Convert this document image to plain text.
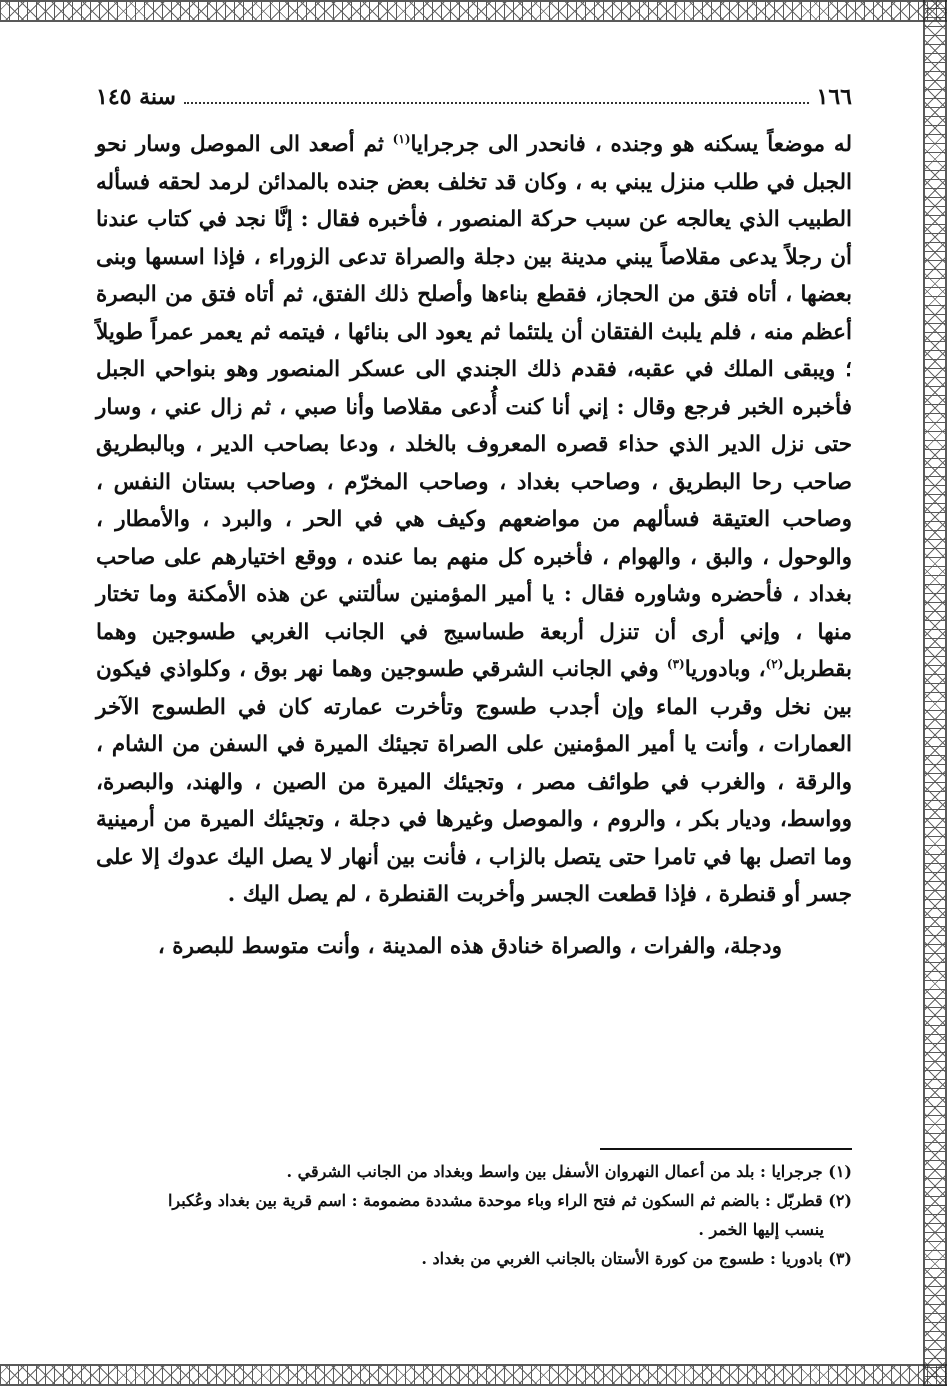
١٦٦
سنة ١٤٥
له موضعاً يسكنه هو وجنده ، فانحدر الى جرجرايا$^{(١)}$ ثم أصعد الى الموصل وسار نحو الجبل في طلب منزل يبني به ، وكان قد تخلف بعض جنده بالمدائن لرمد لحقه فسأله الطبيب الذي يعالجه عن سبب حركة المنصور ، فأخبره فقال : إنَّا نجد في كتاب عندنا أن رجلاً يدعى مقلاصاً يبني مدينة بين دجلة والصراة تدعى الزوراء ، فإذا اسسها وبنى بعضها ، أتاه فتق من الحجاز، فقطع بناءها وأصلح ذلك الفتق، ثم أتاه فتق من البصرة أعظم منه ، فلم يلبث الفتقان أن يلتئما ثم يعود الى بنائها ، فيتمه ثم يعمر عمراً طويلاً ؛ ويبقى الملك في عقبه، فقدم ذلك الجندي الى عسكر المنصور وهو بنواحي الجبل فأخبره الخبر فرجع وقال : إني أنا كنت أُدعى مقلاصا وأنا صبي ، ثم زال عني ، وسار حتى نزل الدير الذي حذاء قصره المعروف بالخلد ، ودعا بصاحب الدير ، وبالبطريق صاحب رحا البطريق ، وصاحب بغداد ، وصاحب المخرّم ، وصاحب بستان النفس ، وصاحب العتيقة فسألهم من مواضعهم وكيف هي في الحر ، والبرد ، والأمطار ، والوحول ، والبق ، والهوام ، فأخبره كل منهم بما عنده ، ووقع اختيارهم على صاحب بغداد ، فأحضره وشاوره فقال : يا أمير المؤمنين سألتني عن هذه الأمكنة وما تختار منها ، وإني أرى أن تنزل أربعة طساسيج في الجانب الغربي طسوجين وهما بقطربل$^{(٢)}$، وبادوريا$^{(٣)}$ وفي الجانب الشرقي طسوجين وهما نهر بوق ، وكلواذي فيكون بين نخل وقرب الماء وإن أجدب طسوج وتأخرت عمارته كان في الطسوج الآخر العمارات ، وأنت يا أمير المؤمنين على الصراة تجيئك الميرة في السفن من الشام ، والرقة ، والغرب في طوائف مصر ، وتجيئك الميرة من الصين ، والهند، والبصرة، وواسط، وديار بكر ، والروم ، والموصل وغيرها في دجلة ، وتجيئك الميرة من أرمينية وما اتصل بها في تامرا حتى يتصل بالزاب ، فأنت بين أنهار لا يصل اليك عدوك إلا على جسر أو قنطرة ، فإذا قطعت الجسر وأخربت القنطرة ، لم يصل اليك .
ودجلة، والفرات ، والصراة خنادق هذه المدينة ، وأنت متوسط للبصرة ،
(١) جرجرايا : بلد من أعمال النهروان الأسفل بين واسط وبغداد من الجانب الشرقي .
(٢) قطربّل : بالضم ثم السكون ثم فتح الراء وباء موحدة مشددة مضمومة : اسم قرية بين بغداد وعُكبرا
ينسب إليها الخمر .
(٣) بادوريا : طسوج من كورة الأستان بالجانب الغربي من بغداد .
